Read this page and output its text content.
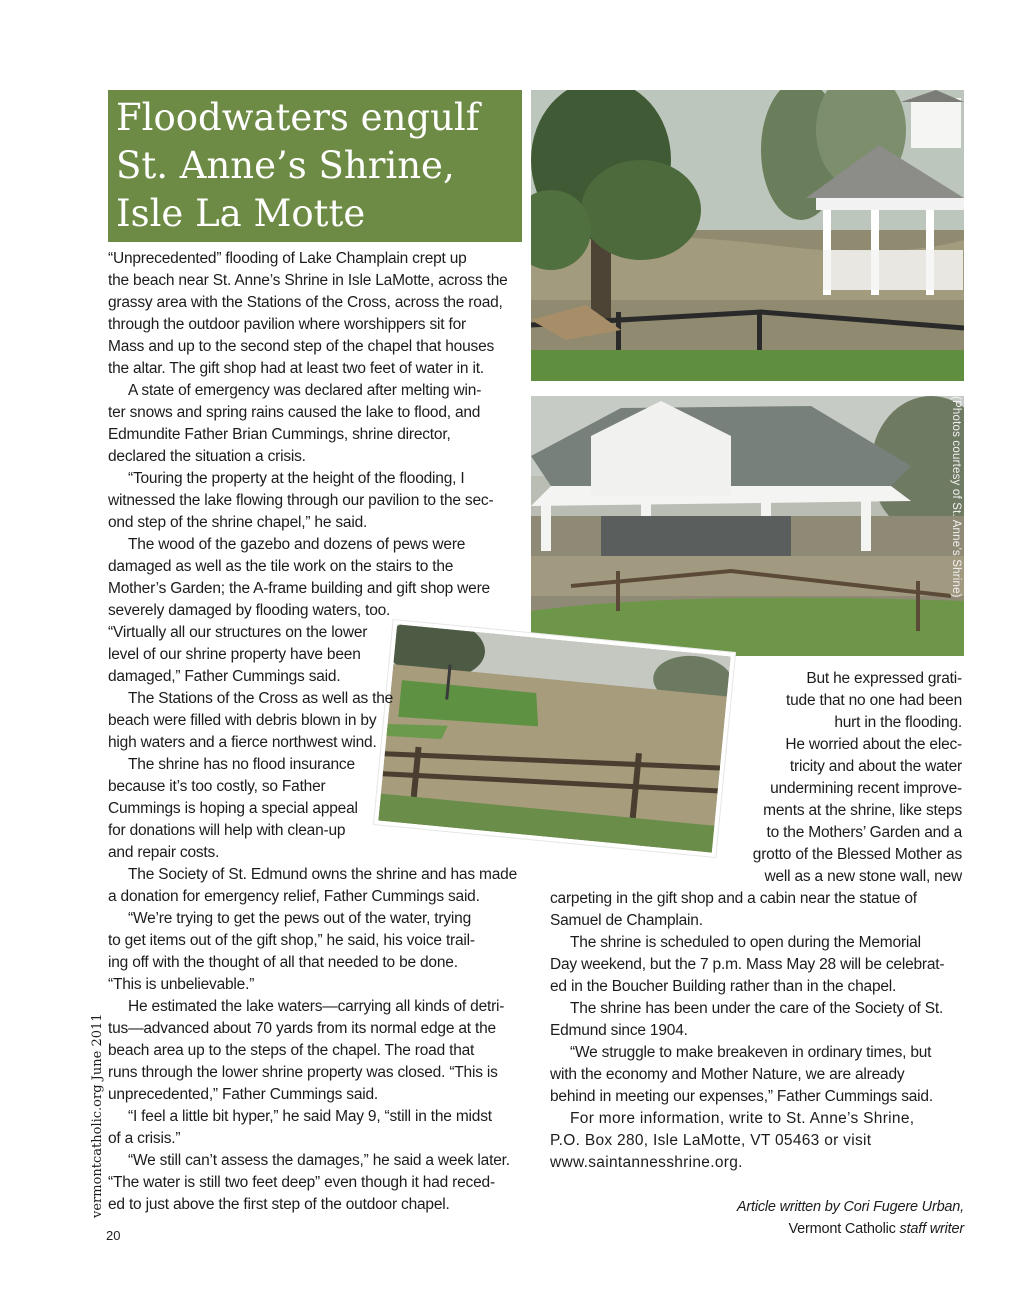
Floodwaters engulf
St. Anne’s Shrine,
Isle La Motte
(Photos courtesy of St. Anne’s Shrine)

“Unprecedented” flooding of Lake Champlain crept up
the beach near St. Anne’s Shrine in Isle LaMotte, across the
grassy area with the Stations of the Cross, across the road,
through the outdoor pavilion where worshippers sit for
Mass and up to the second step of the chapel that houses
the altar. The gift shop had at least two feet of water in it.

A state of emergency was declared after melting win-
ter snows and spring rains caused the lake to flood, and
Edmundite Father Brian Cummings, shrine director,
declared the situation a crisis.

“Touring the property at the height of the flooding, I
witnessed the lake flowing through our pavilion to the sec-
ond step of the shrine chapel,” he said.

The wood of the gazebo and dozens of pews were
damaged as well as the tile work on the stairs to the
Mother’s Garden; the A-frame building and gift shop were
severely damaged by flooding waters, too.

“Virtually all our structures on the lower
level of our shrine property have been
damaged,” Father Cummings said.

The Stations of the Cross as well as the
beach were filled with debris blown in by
high waters and a fierce northwest wind.

The shrine has no flood insurance
because it’s too costly, so Father
Cummings is hoping a special appeal
for donations will help with clean-up
and repair costs.

The Society of St. Edmund owns the shrine and has made
a donation for emergency relief, Father Cummings said.

“We’re trying to get the pews out of the water, trying
to get items out of the gift shop,” he said, his voice trail-
ing off with the thought of all that needed to be done.
“This is unbelievable.”

He estimated the lake waters—carrying all kinds of detri-
tus—advanced about 70 yards from its normal edge at the
beach area up to the steps of the chapel. The road that
runs through the lower shrine property was closed. “This is
unprecedented,” Father Cummings said.

“I feel a little bit hyper,” he said May 9, “still in the midst
of a crisis.”

“We still can’t assess the damages,” he said a week later.
“The water is still two feet deep” even though it had reced-
ed to just above the first step of the outdoor chapel.

But he expressed grati-
tude that no one had been
hurt in the flooding.

He worried about the elec-
tricity and about the water
undermining recent improve-
ments at the shrine, like steps
to the Mothers’ Garden and a
grotto of the Blessed Mother as
well as a new stone wall, new

carpeting in the gift shop and a cabin near the statue of
Samuel de Champlain.

The shrine is scheduled to open during the Memorial
Day weekend, but the 7 p.m. Mass May 28 will be celebrat-
ed in the Boucher Building rather than in the chapel.

The shrine has been under the care of the Society of St.
Edmund since 1904.

“We struggle to make breakeven in ordinary times, but
with the economy and Mother Nature, we are already
behind in meeting our expenses,” Father Cummings said.

For more information, write to St. Anne’s Shrine,
P.O. Box 280, Isle LaMotte, VT 05463 or visit
www.saintannesshrine.org.

Article written by Cori Fugere Urban,

Vermont Catholic staff writer

vermontcatholic.org June 2011
20
